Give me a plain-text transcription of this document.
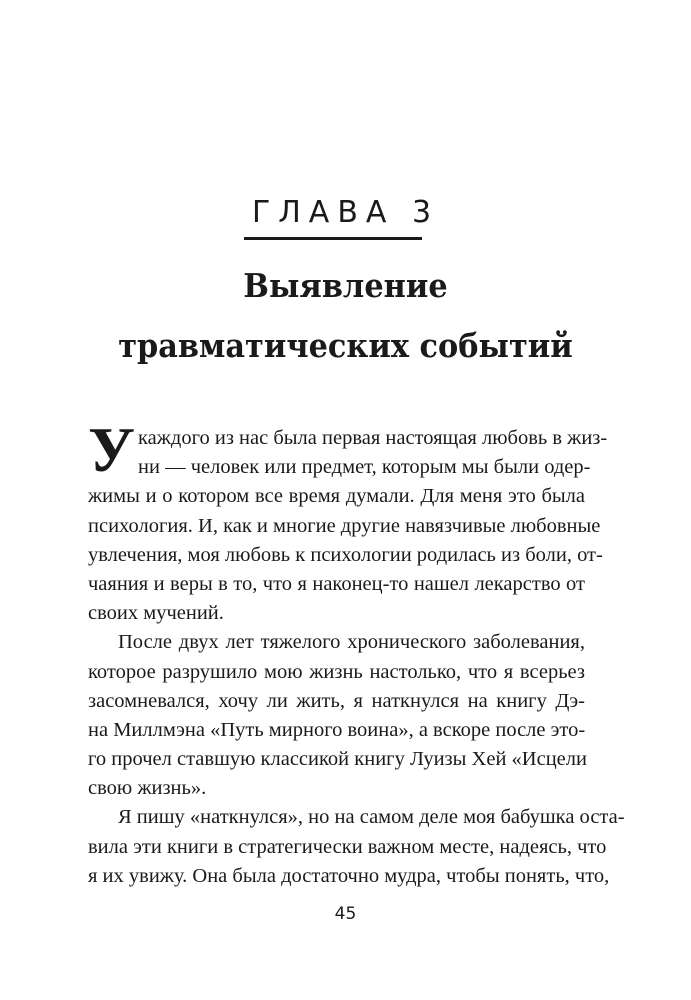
ГЛАВА 3
Выявление
травматических событий
У каждого из нас была первая настоящая любовь в жиз-
ни — человек или предмет, которым мы были одер-
жимы и о котором все время думали. Для меня это была
психология. И, как и многие другие навязчивые любовные
увлечения, моя любовь к психологии родилась из боли, от-
чаяния и веры в то, что я наконец-то нашел лекарство от
своих мучений.
После двух лет тяжелого хронического заболевания,
которое разрушило мою жизнь настолько, что я всерьез
засомневался, хочу ли жить, я наткнулся на книгу Дэ-
на Миллмэна «Путь мирного воина», а вскоре после это-
го прочел ставшую классикой книгу Луизы Хей «Исцели
свою жизнь».
Я пишу «наткнулся», но на самом деле моя бабушка оста-
вила эти книги в стратегически важном месте, надеясь, что
я их увижу. Она была достаточно мудра, чтобы понять, что,
45
